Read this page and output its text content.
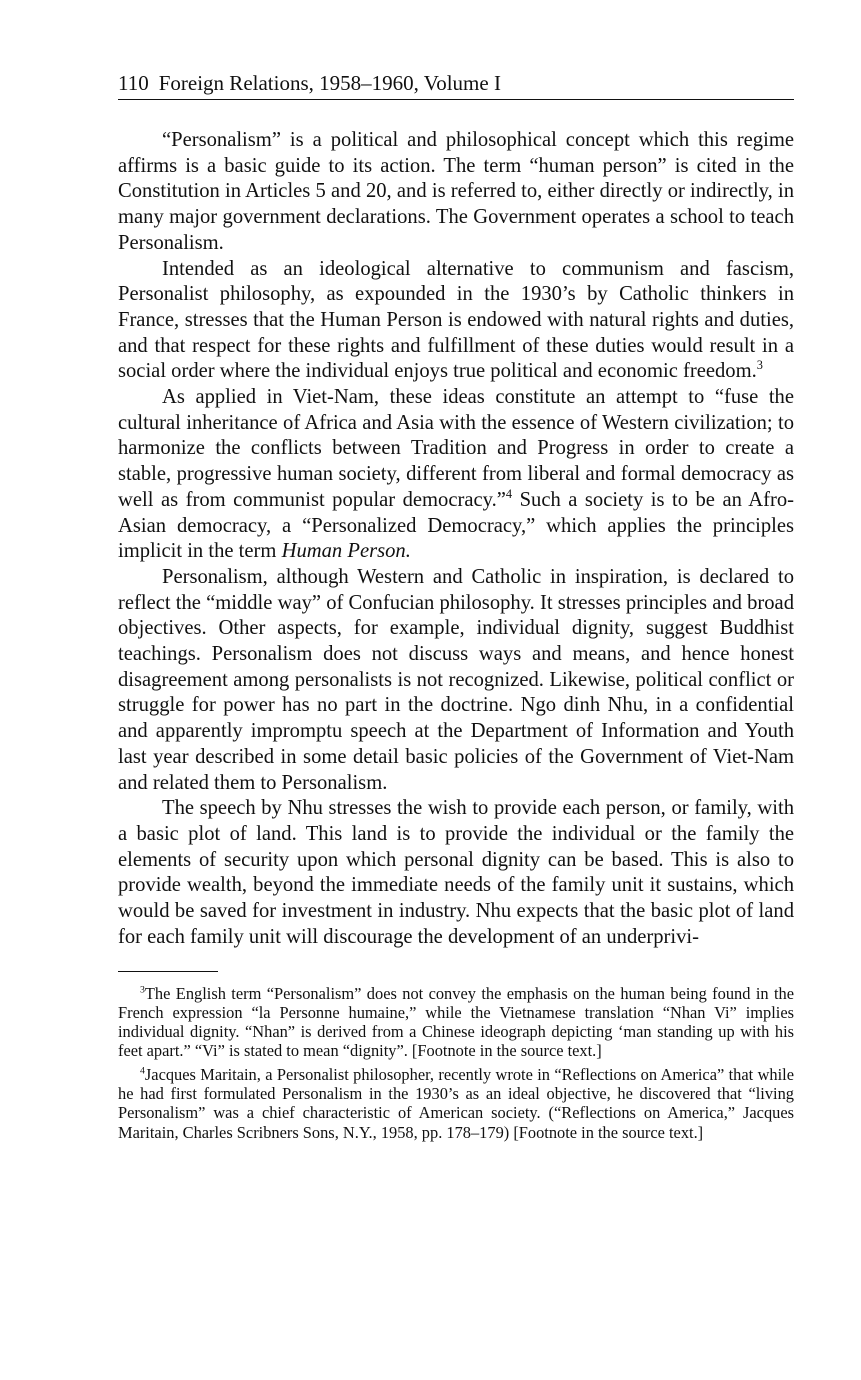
110 Foreign Relations, 1958–1960, Volume I

“Personalism” is a political and philosophical concept which this regime affirms is a basic guide to its action. The term “human person” is cited in the Constitution in Articles 5 and 20, and is referred to, either directly or indirectly, in many major government declarations. The Government operates a school to teach Personalism.

Intended as an ideological alternative to communism and fascism, Personalist philosophy, as expounded in the 1930’s by Catholic thinkers in France, stresses that the Human Person is endowed with natural rights and duties, and that respect for these rights and fulfillment of these duties would result in a social order where the individual enjoys true political and economic freedom.$^3$

As applied in Viet-Nam, these ideas constitute an attempt to “fuse the cultural inheritance of Africa and Asia with the essence of Western civilization; to harmonize the conflicts between Tradition and Progress in order to create a stable, progressive human society, different from liberal and formal democracy as well as from communist popular democracy.”$^4$ Such a society is to be an Afro-Asian democracy, a “Personalized Democracy,” which applies the principles implicit in the term Human Person.

Personalism, although Western and Catholic in inspiration, is declared to reflect the “middle way” of Confucian philosophy. It stresses principles and broad objectives. Other aspects, for example, individual dignity, suggest Buddhist teachings. Personalism does not discuss ways and means, and hence honest disagreement among personalists is not recognized. Likewise, political conflict or struggle for power has no part in the doctrine. Ngo dinh Nhu, in a confidential and apparently impromptu speech at the Department of Information and Youth last year described in some detail basic policies of the Government of Viet-Nam and related them to Personalism.

The speech by Nhu stresses the wish to provide each person, or family, with a basic plot of land. This land is to provide the individual or the family the elements of security upon which personal dignity can be based. This is also to provide wealth, beyond the immediate needs of the family unit it sustains, which would be saved for investment in industry. Nhu expects that the basic plot of land for each family unit will discourage the development of an underprivi-

$^3$The English term “Personalism” does not convey the emphasis on the human being found in the French expression “la Personne humaine,” while the Vietnamese translation “Nhan Vi” implies individual dignity. “Nhan” is derived from a Chinese ideograph depicting ‘man standing up with his feet apart.” “Vi” is stated to mean “dignity”. [Footnote in the source text.]

$^4$Jacques Maritain, a Personalist philosopher, recently wrote in “Reflections on America” that while he had first formulated Personalism in the 1930’s as an ideal objective, he discovered that “living Personalism” was a chief characteristic of American society. (“Reflections on America,” Jacques Maritain, Charles Scribners Sons, N.Y., 1958, pp. 178–179) [Footnote in the source text.]
